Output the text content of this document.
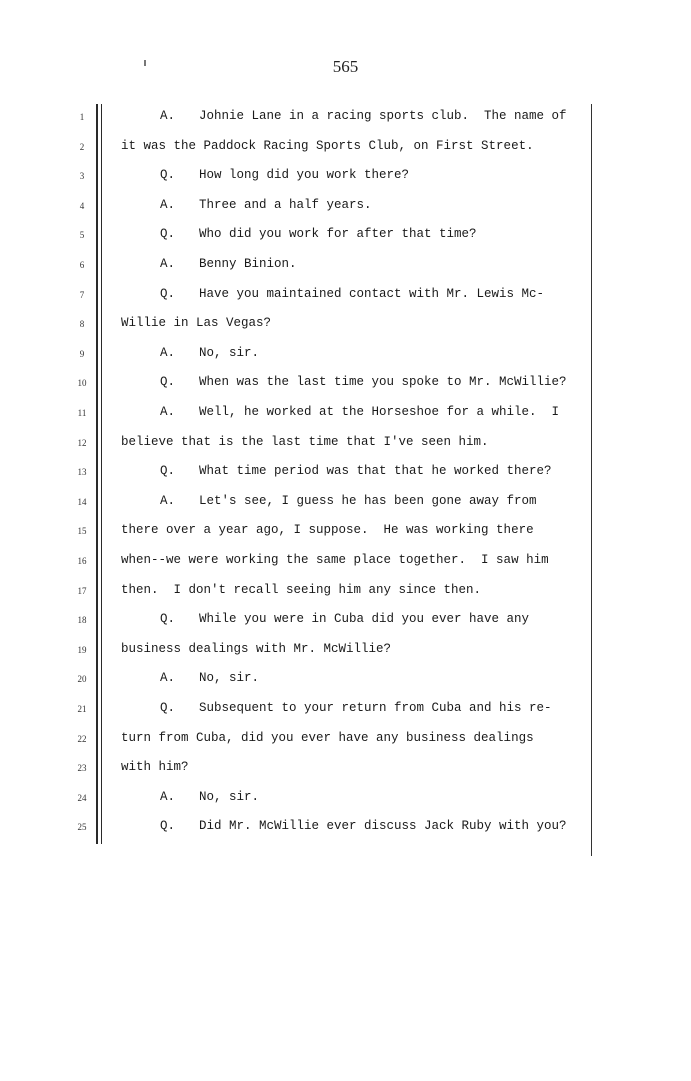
565
1	A. Johnie Lane in a racing sports club.  The name of
2	it was the Paddock Racing Sports Club, on First Street.
3	Q. How long did you work there?
4	A. Three and a half years.
5	Q. Who did you work for after that time?
6	A. Benny Binion.
7	Q. Have you maintained contact with Mr. Lewis Mc-
8	Willie in Las Vegas?
9	A. No, sir.
10	Q. When was the last time you spoke to Mr. McWillie?
11	A. Well, he worked at the Horseshoe for a while.  I
12	believe that is the last time that I've seen him.
13	Q. What time period was that that he worked there?
14	A. Let's see, I guess he has been gone away from
15	there over a year ago, I suppose.  He was working there
16	when--we were working the same place together.  I saw him
17	then.  I don't recall seeing him any since then.
18	Q. While you were in Cuba did you ever have any
19	business dealings with Mr. McWillie?
20	A. No, sir.
21	Q. Subsequent to your return from Cuba and his re-
22	turn from Cuba, did you ever have any business dealings
23	with him?
24	A. No, sir.
25	Q. Did Mr. McWillie ever discuss Jack Ruby with you?
